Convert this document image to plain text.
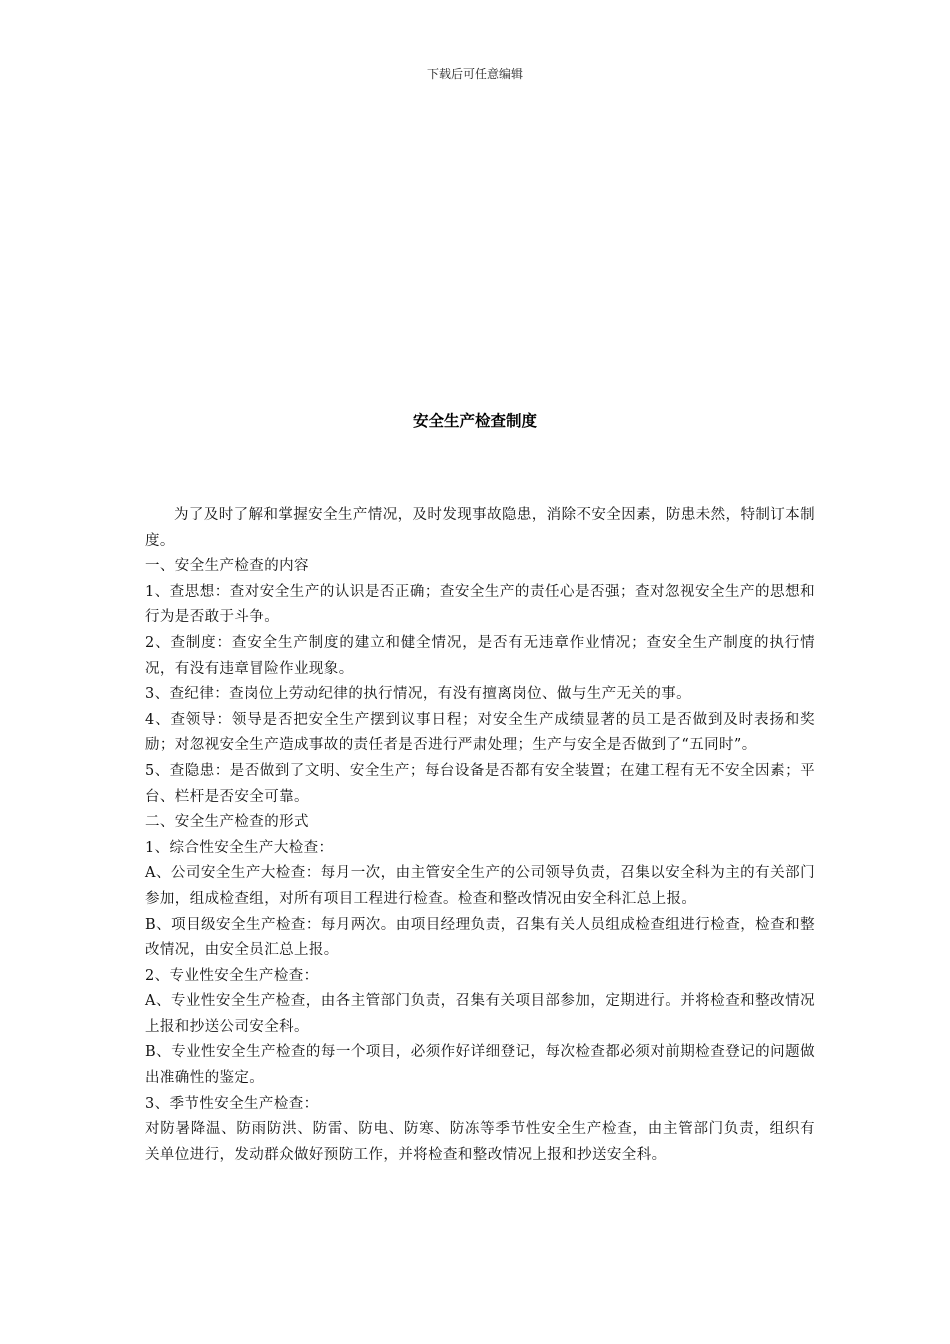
下载后可任意编辑
安全生产检查制度

为了及时了解和掌握安全生产情况，及时发现事故隐患，消除不安全因素，防患未然，特制订本制度。

一、安全生产检查的内容

1、查思想：查对安全生产的认识是否正确；查安全生产的责任心是否强；查对忽视安全生产的思想和行为是否敢于斗争。

2、查制度：查安全生产制度的建立和健全情况，是否有无违章作业情况；查安全生产制度的执行情况，有没有违章冒险作业现象。

3、查纪律：查岗位上劳动纪律的执行情况，有没有擅离岗位、做与生产无关的事。

4、查领导：领导是否把安全生产摆到议事日程；对安全生产成绩显著的员工是否做到及时表扬和奖励；对忽视安全生产造成事故的责任者是否进行严肃处理；生产与安全是否做到了“五同时”。

5、查隐患：是否做到了文明、安全生产；每台设备是否都有安全装置；在建工程有无不安全因素；平台、栏杆是否安全可靠。

二、安全生产检查的形式

1、综合性安全生产大检查：

A、公司安全生产大检查：每月一次，由主管安全生产的公司领导负责，召集以安全科为主的有关部门参加，组成检查组，对所有项目工程进行检查。检查和整改情况由安全科汇总上报。

B、项目级安全生产检查：每月两次。由项目经理负责，召集有关人员组成检查组进行检查，检查和整改情况，由安全员汇总上报。

2、专业性安全生产检查：

A、专业性安全生产检查，由各主管部门负责，召集有关项目部参加，定期进行。并将检查和整改情况上报和抄送公司安全科。

B、专业性安全生产检查的每一个项目，必须作好详细登记，每次检查都必须对前期检查登记的问题做出准确性的鉴定。

3、季节性安全生产检查：

对防暑降温、防雨防洪、防雷、防电、防寒、防冻等季节性安全生产检查，由主管部门负责，组织有关单位进行，发动群众做好预防工作，并将检查和整改情况上报和抄送安全科。
